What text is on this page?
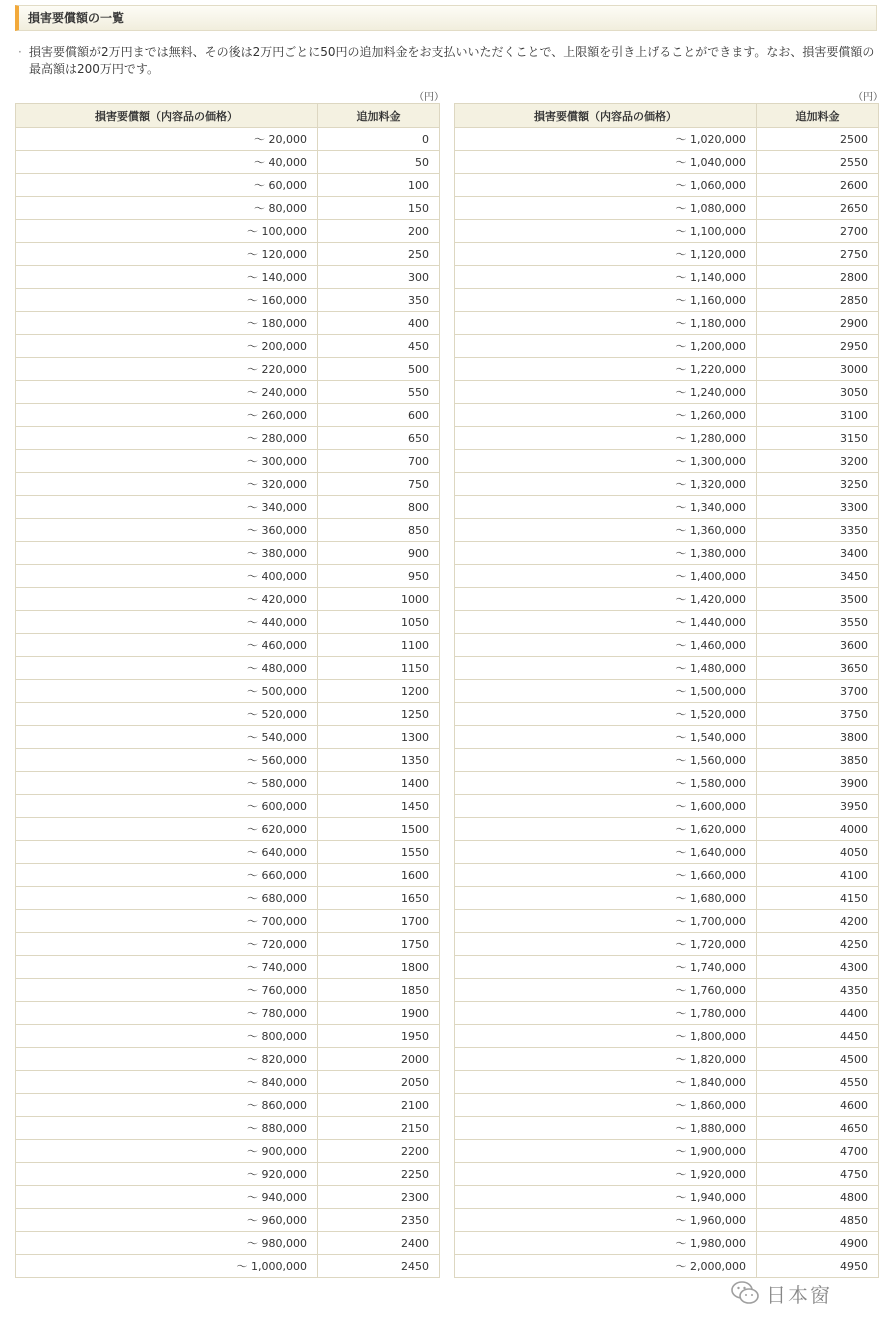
損害要償額の一覧
· 損害要償額が2万円までは無料、その後は2万円ごとに50円の追加料金をお支払いいただくことで、上限額を引き上げることができます。なお、損害要償額の最高額は200万円です。
（円）	（円）
損害要償額（内容品の価格）	追加料金
～ 20,000	0
～ 40,000	50
～ 60,000	100
～ 80,000	150
～ 100,000	200
～ 120,000	250
～ 140,000	300
～ 160,000	350
～ 180,000	400
～ 200,000	450
～ 220,000	500
～ 240,000	550
～ 260,000	600
～ 280,000	650
～ 300,000	700
～ 320,000	750
～ 340,000	800
～ 360,000	850
～ 380,000	900
～ 400,000	950
～ 420,000	1000
～ 440,000	1050
～ 460,000	1100
～ 480,000	1150
～ 500,000	1200
～ 520,000	1250
～ 540,000	1300
～ 560,000	1350
～ 580,000	1400
～ 600,000	1450
～ 620,000	1500
～ 640,000	1550
～ 660,000	1600
～ 680,000	1650
～ 700,000	1700
～ 720,000	1750
～ 740,000	1800
～ 760,000	1850
～ 780,000	1900
～ 800,000	1950
～ 820,000	2000
～ 840,000	2050
～ 860,000	2100
～ 880,000	2150
～ 900,000	2200
～ 920,000	2250
～ 940,000	2300
～ 960,000	2350
～ 980,000	2400
～ 1,000,000	2450
損害要償額（内容品の価格）	追加料金
～ 1,020,000	2500
～ 1,040,000	2550
～ 1,060,000	2600
～ 1,080,000	2650
～ 1,100,000	2700
～ 1,120,000	2750
～ 1,140,000	2800
～ 1,160,000	2850
～ 1,180,000	2900
～ 1,200,000	2950
～ 1,220,000	3000
～ 1,240,000	3050
～ 1,260,000	3100
～ 1,280,000	3150
～ 1,300,000	3200
～ 1,320,000	3250
～ 1,340,000	3300
～ 1,360,000	3350
～ 1,380,000	3400
～ 1,400,000	3450
～ 1,420,000	3500
～ 1,440,000	3550
～ 1,460,000	3600
～ 1,480,000	3650
～ 1,500,000	3700
～ 1,520,000	3750
～ 1,540,000	3800
～ 1,560,000	3850
～ 1,580,000	3900
～ 1,600,000	3950
～ 1,620,000	4000
～ 1,640,000	4050
～ 1,660,000	4100
～ 1,680,000	4150
～ 1,700,000	4200
～ 1,720,000	4250
～ 1,740,000	4300
～ 1,760,000	4350
～ 1,780,000	4400
～ 1,800,000	4450
～ 1,820,000	4500
～ 1,840,000	4550
～ 1,860,000	4600
～ 1,880,000	4650
～ 1,900,000	4700
～ 1,920,000	4750
～ 1,940,000	4800
～ 1,960,000	4850
～ 1,980,000	4900
～ 2,000,000	4950
日本窗
